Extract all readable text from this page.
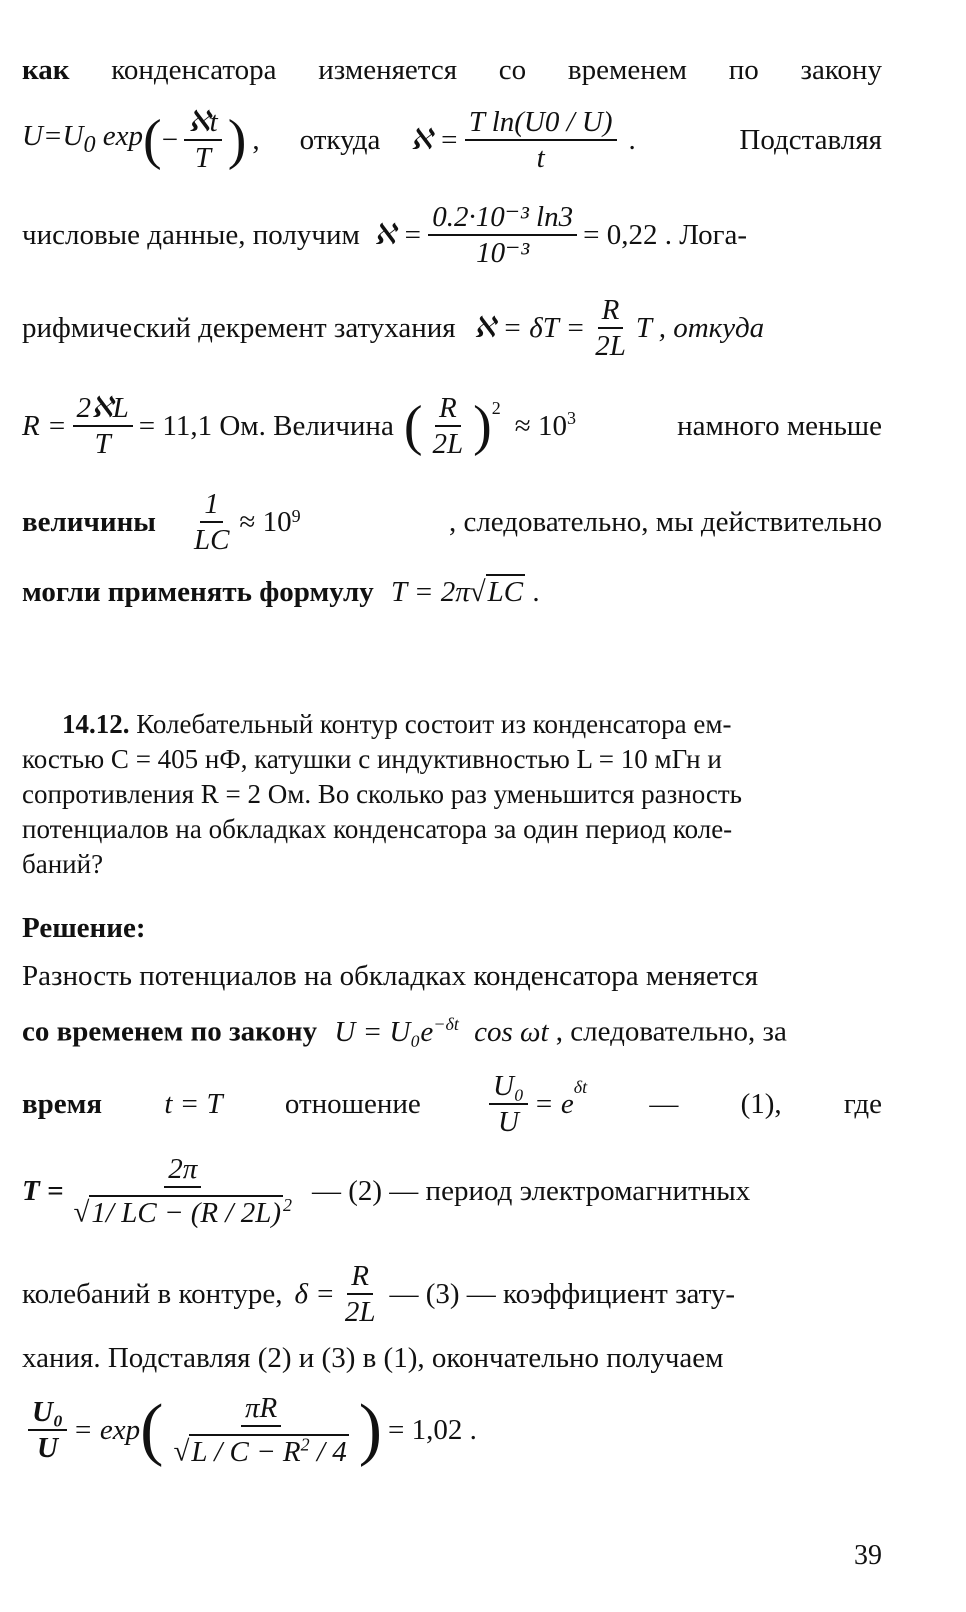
как конденсатора изменяется со временем по закону
$U=U_0$ exp ( − $\frac{\text{ℵt}}{T}$ ) , откуда ℵ = $\frac{\text{T ln(U0 / U)}}{t}$ .	Подставляя
числовые данные, получим ℵ = $\frac{\text{0.2·10⁻³ ln3}}{\text{10⁻³}} = 0,22$ . Лога-
рифмический декремент затухания ℵ = $\delta T = \frac{R}{2L}$ T , откуда
$R = \frac{\text{2ℵL}}{T} = 11,1$ Ом. Величина ( $\frac{R}{2L}$ ) 2
≈ 10 3	намного меньше
величины $\frac{1}{LC} \approx 10$ 9	, следовательно, мы действительно
могли применять формулу T = 2π√LC .
14.12. Колебательный контур состоит из конденсатора ем-
костью C = 405 нФ, катушки с индуктивностью L = 10 мГн и
сопротивления R = 2 Ом. Во сколько раз уменьшится разность
потенциалов на обкладках конденсатора за один период коле-
баний?
Решение:
Разность потенциалов на обкладках конденсатора меняется
со временем по закону $U = U_0e^{-\delta t}$ cos ωt , следовательно, за
время t = T отношение $\frac{\text{U₀}}{U} = e$
δt
— (1), где
$T = \frac{2\pi}{√1/ LC - (R / 2L) ^2}$ — (2) — период электромагнитных
колебаний в контуре, $\delta = \frac{R}{2L}$ — (3) — коэффициент зату-
хания. Подставляя (2) и (3) в (1), окончательно получаем
$\frac{\text{U₀}}{U} = \exp$ ( $\frac{\pi R}{√L / C - R^2 / 4}$ ) = 1,02 .
39
